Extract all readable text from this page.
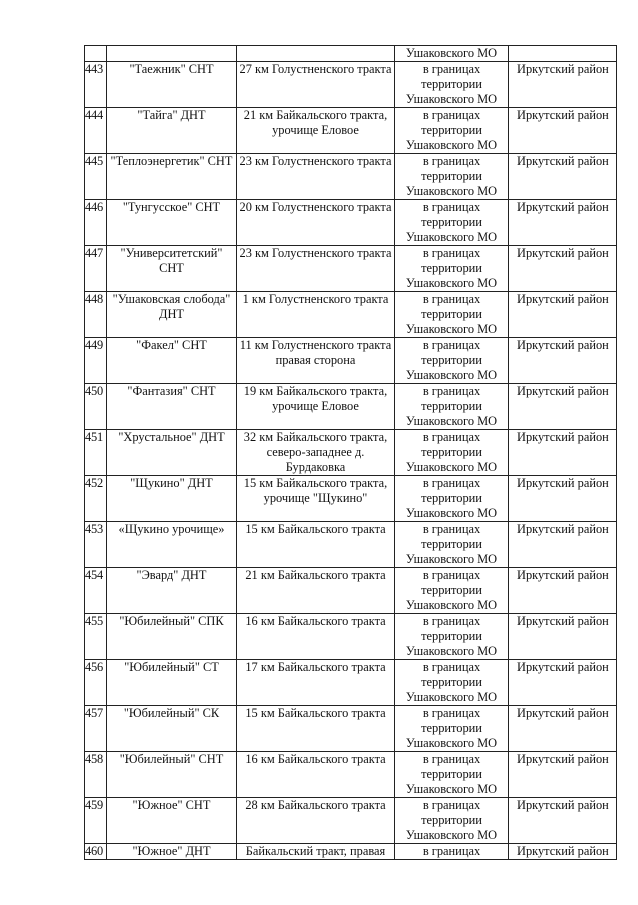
			Ушаковского МО	
443	"Таежник" СНТ	27 км Голустненского тракта	в границах территории Ушаковского МО	Иркутский район
444	"Тайга" ДНТ	21 км Байкальского тракта, урочище Еловое	в границах территории Ушаковского МО	Иркутский район
445	"Теплоэнергетик" СНТ	23 км Голустненского тракта	в границах территории Ушаковского МО	Иркутский район
446	"Тунгусское" СНТ	20 км Голустненского тракта	в границах территории Ушаковского МО	Иркутский район
447	"Университетский" СНТ	23 км Голустненского тракта	в границах территории Ушаковского МО	Иркутский район
448	"Ушаковская слобода" ДНТ	1 км Голустненского тракта	в границах территории Ушаковского МО	Иркутский район
449	"Факел" СНТ	11 км Голустненского тракта правая сторона	в границах территории Ушаковского МО	Иркутский район
450	"Фантазия" СНТ	19 км Байкальского тракта, урочище Еловое	в границах территории Ушаковского МО	Иркутский район
451	"Хрустальное" ДНТ	32 км Байкальского тракта, северо-западнее д. Бурдаковка	в границах территории Ушаковского МО	Иркутский район
452	"Щукино" ДНТ	15 км Байкальского тракта, урочище "Щукино"	в границах территории Ушаковского МО	Иркутский район
453	«Щукино урочище»	15 км Байкальского тракта	в границах территории Ушаковского МО	Иркутский район
454	"Эвард" ДНТ	21 км Байкальского тракта	в границах территории Ушаковского МО	Иркутский район
455	"Юбилейный" СПК	16 км Байкальского тракта	в границах территории Ушаковского МО	Иркутский район
456	"Юбилейный" СТ	17 км Байкальского тракта	в границах территории Ушаковского МО	Иркутский район
457	"Юбилейный" СК	15 км Байкальского тракта	в границах территории Ушаковского МО	Иркутский район
458	"Юбилейный" СНТ	16 км Байкальского тракта	в границах территории Ушаковского МО	Иркутский район
459	"Южное" СНТ	28 км Байкальского тракта	в границах территории Ушаковского МО	Иркутский район
460	"Южное" ДНТ	Байкальский тракт, правая	в границах	Иркутский район
